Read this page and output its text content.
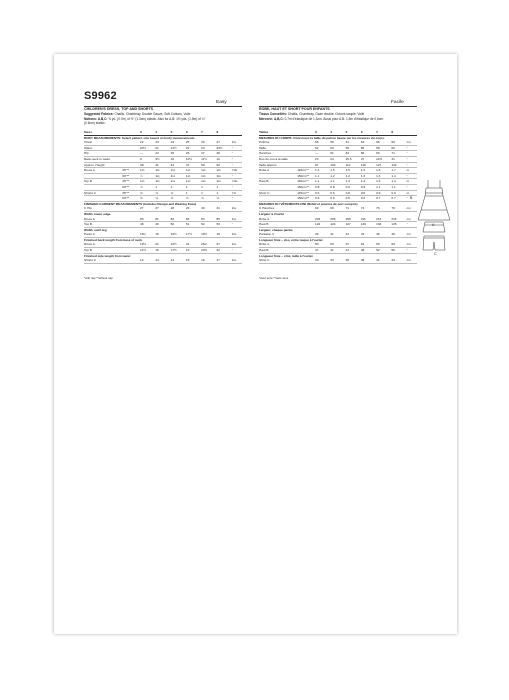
S9962
Easy
CHILDREN'S DRESS, TOP AND SHORTS
Suggested Fabrics: Challis, Chambray, Double Gauze, Soft Cottons, Voile
Notions: A,B,C: ⅝ yd. (0.7m) of ½" (1.3cm) elastic. Also for A,B: 1⅝ yds. (1.5m) of ¼"
(0.6cm) elastic.
Sizes		3	4	5	6	7	8	
BODY MEASUREMENTS: Select pattern size based on body measurements								
Chest		22	23	24	25	26	27	Ins.
Waist		20½	21	21½	22	23	23½	"
Hip		—	24	25	26	27	28	"
Back-neck to waist		9	9½	10	10½	11½	12	"
Approx. Height		38	41	44	47	50	52	"
Dress A	45"**	1⅛	1⅛	1⅛	1⅛	1⅛	1⅛	Yds.
	60"**	⅞	1⅛	1⅛	1⅛	1⅛	1⅛	"
Top B	45"**	1⅛	1⅛	1⅛	1⅛	1⅛	1⅛	Yds.
	60"**	⅞	1	1	1	1	1	"
Shorts C	45"**	⅝	⅝	⅝	1	1	1	Yd.
	60"**	⅝	⅝	⅝	⅝	⅝	⅝	"
FINISHED GARMENT MEASUREMENTS (Includes Design and Wearing Ease)								
C Hip		27	27	28	29	30	31	Ins.
Width, lower edge								
Dress A		80	81	82	83	84	85	Ins.
Top B		48	49	50	51	52	53	"
Width, each leg								
Pants C		15¼	16	16½	17½	18½	19	Ins.
Finished back length from base of neck								
Dress A		19½	21	22½	24	25¼	27	Ins.
Top B		14½	16	17½	19	20½	22	"
Finished side length from waist								
Shorts C		12	13	14	15	16	17	Ins.
*with nap **without nap
Facile
ROBE, HAUT ET SHORT POUR ENFANTS
Tissus Conseillés: Challis, Chambray, Gaze double, Cotons souple, Voile
Mercerie: A,B,C: 0,7m d'élastique de 1,3cm. Aussi pour A,B: 1,5m d'élastique de 0,6cm.
Tailles		3	4	5	6	7	8	
MESURES DU CORPS: Choisissez la taille du patron basée sur les mesures du corps.								
Poitrine		56	58	61	64	66	69	cm
Taille		52	53	55	56	58	60	"
Hanches		—	61	64	66	69	71	"
Dos du cou à la taille		23	24	25.5	27	29.5	31	"
Taille approx.		97	104	112	119	127	132	"
Robe A	115cm**	1.4	1.5	1.5	1.5	1.6	1.7	m
	150cm**	1.1	1.2	1.2	1.3	1.3	1.4	"
Haut B	115cm**	1.1	1.1	1.3	1.3	1.3	1.4	m
	150cm**	0.8	0.8	0.9	0.9	1.1	1.1	"
Short C	115cm**	0.6	0.6	0.8	0.8	0.9	0.9	m
	150cm**	0.6	0.6	0.6	0.6	0.7	0.7	"
MESURES DU VÊTEMENTS FINI (Relief et aisance de port compris)								
C Hanches		69	69	71	74	76	79	cm
Largeur à l'ourlet								
Robe A		203	206	208	211	213	216	cm
Haut B		122	124	127	130	132	135	"
Largeur, chaque jambe								
Pantalon C		39	41	43	44	46	48	cm
Longueur finie – dos, entre nuque à l'ourlet								
Robe A		50	53	57	61	65	69	cm
Haut B		37	41	44	48	52	56	"
Longueur finie – côté, taille à l'ourlet								
Short C		30	33	36	38	41	43	cm
*avec sens **sans sens
B
A
C
